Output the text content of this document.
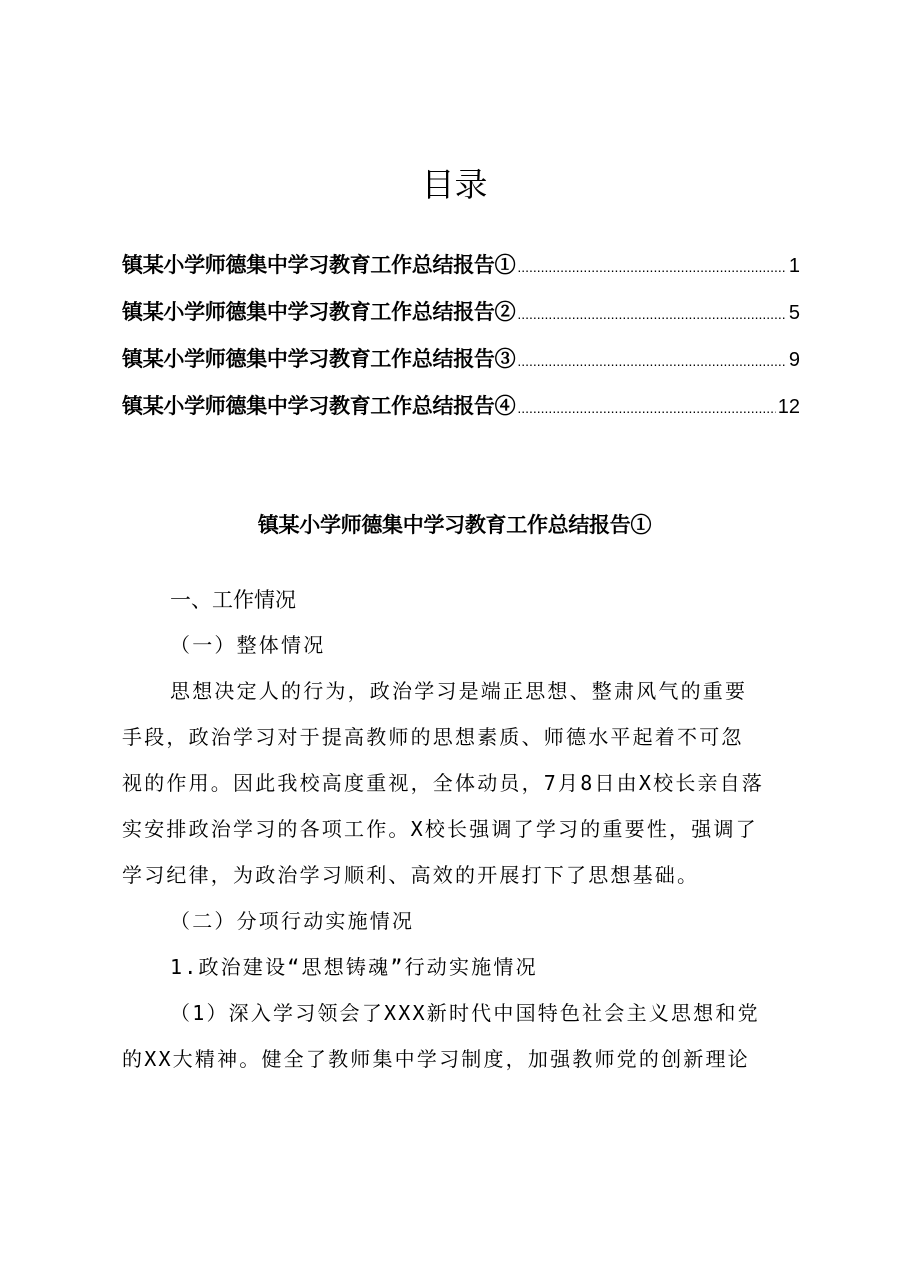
目录
镇某小学师德集中学习教育工作总结报告① .....	1
镇某小学师德集中学习教育工作总结报告② .....	5
镇某小学师德集中学习教育工作总结报告③ .....	9
镇某小学师德集中学习教育工作总结报告④ .....	12
镇某小学师德集中学习教育工作总结报告①
一、工作情况
（一）整体情况
思想决定人的行为，政治学习是端正思想、整肃风气的重要
手段，政治学习对于提高教师的思想素质、师德水平起着不可忽
视的作用。因此我校高度重视，全体动员，7月8日由X校长亲自落
实安排政治学习的各项工作。X校长强调了学习的重要性，强调了
学习纪律，为政治学习顺利、高效的开展打下了思想基础。
（二）分项行动实施情况
1.政治建设“思想铸魂”行动实施情况
（1）深入学习领会了XXX新时代中国特色社会主义思想和党
的XX大精神。健全了教师集中学习制度，加强教师党的创新理论
